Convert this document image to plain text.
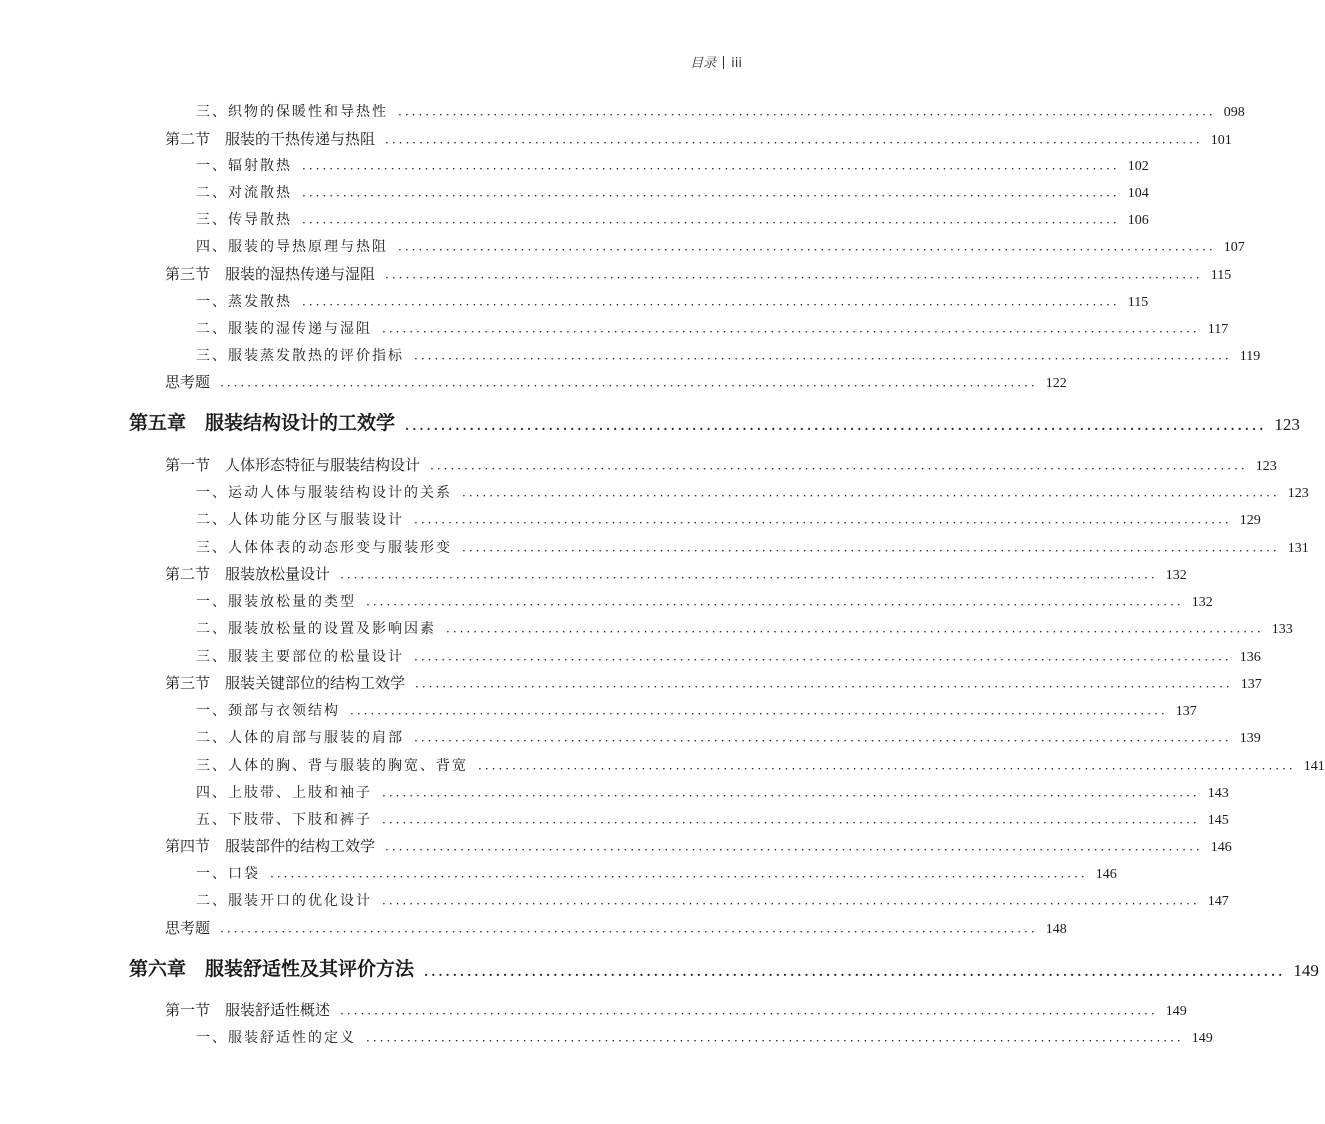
目录 iii
三、织物的保暖性和导热性 ························································································································ 098
第二节　服装的干热传递与热阻 ························································································································ 101
一、辐射散热 ························································································································ 102
二、对流散热 ························································································································ 104
三、传导散热 ························································································································ 106
四、服装的导热原理与热阻 ························································································································ 107
第三节　服装的湿热传递与湿阻 ························································································································ 115
一、蒸发散热 ························································································································ 115
二、服装的湿传递与湿阻 ························································································································ 117
三、服装蒸发散热的评价指标 ························································································································ 119
思考题 ························································································································ 122
第五章　服装结构设计的工效学 ························································································································ 123
第一节　人体形态特征与服装结构设计 ························································································································ 123
一、运动人体与服装结构设计的关系 ························································································································ 123
二、人体功能分区与服装设计 ························································································································ 129
三、人体体表的动态形变与服装形变 ························································································································ 131
第二节　服装放松量设计 ························································································································ 132
一、服装放松量的类型 ························································································································ 132
二、服装放松量的设置及影响因素 ························································································································ 133
三、服装主要部位的松量设计 ························································································································ 136
第三节　服装关键部位的结构工效学 ························································································································ 137
一、颈部与衣领结构 ························································································································ 137
二、人体的肩部与服装的肩部 ························································································································ 139
三、人体的胸、背与服装的胸宽、背宽 ························································································································ 141
四、上肢带、上肢和袖子 ························································································································ 143
五、下肢带、下肢和裤子 ························································································································ 145
第四节　服装部件的结构工效学 ························································································································ 146
一、口袋 ························································································································ 146
二、服装开口的优化设计 ························································································································ 147
思考题 ························································································································ 148
第六章　服装舒适性及其评价方法 ························································································································ 149
第一节　服装舒适性概述 ························································································································ 149
一、服装舒适性的定义 ························································································································ 149
